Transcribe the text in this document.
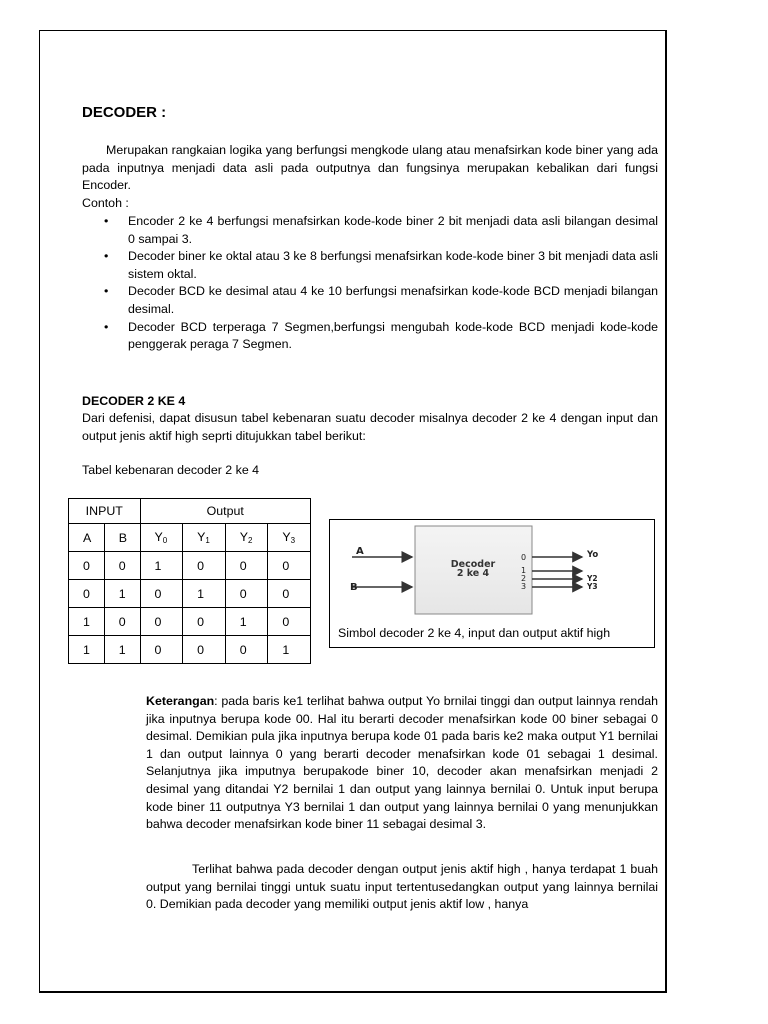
DECODER :
Merupakan rangkaian logika yang berfungsi mengkode ulang atau menafsirkan kode biner yang ada pada inputnya menjadi data asli pada outputnya dan fungsinya merupakan kebalikan dari fungsi Encoder.
Contoh :
• Encoder 2 ke 4 berfungsi menafsirkan kode-kode biner 2 bit menjadi data asli bilangan desimal 0 sampai 3.
• Decoder biner ke oktal atau 3 ke 8 berfungsi menafsirkan kode-kode biner 3 bit menjadi data asli sistem oktal.
• Decoder BCD ke desimal atau 4 ke 10 berfungsi menafsirkan kode-kode BCD menjadi bilangan desimal.
• Decoder BCD terperaga 7 Segmen,berfungsi mengubah kode-kode BCD menjadi kode-kode penggerak peraga 7 Segmen.
DECODER 2 KE 4
Dari defenisi, dapat disusun tabel kebenaran suatu decoder misalnya decoder 2 ke 4 dengan input dan output jenis aktif high seprti ditujukkan tabel berikut:
Tabel kebenaran decoder 2 ke 4
INPUT		Output			
A	B	$Y_0$	$Y_1$	$Y_2$	$Y_3$
0	0	1	0	0	0
0	1	0	1	0	0
1	0	0	0	1	0
1	1	0	0	0	1
Decoder
2 ke 4
A
B
0
1
2
3
Yo
Y2
Y3
Simbol decoder 2 ke 4, input dan output aktif high
Keterangan: pada baris ke1 terlihat bahwa output Yo brnilai tinggi dan output lainnya rendah jika inputnya berupa kode 00. Hal itu berarti decoder menafsirkan kode 00 biner sebagai 0 desimal. Demikian pula jika inputnya berupa kode 01 pada baris ke2 maka output Y1 bernilai 1 dan output lainnya 0 yang berarti decoder menafsirkan kode 01 sebagai 1 desimal. Selanjutnya jika imputnya berupakode biner 10, decoder akan menafsirkan menjadi 2 desimal yang ditandai Y2 bernilai 1 dan output yang lainnya bernilai 0. Untuk input berupa kode biner 11 outputnya Y3 bernilai 1 dan output yang lainnya bernilai 0 yang menunjukkan bahwa decoder menafsirkan kode biner 11 sebagai desimal 3.
Terlihat bahwa pada decoder dengan output jenis aktif high , hanya terdapat 1 buah output yang bernilai tinggi untuk suatu input tertentusedangkan output yang lainnya bernilai 0. Demikian pada decoder yang memiliki output jenis aktif low , hanya
